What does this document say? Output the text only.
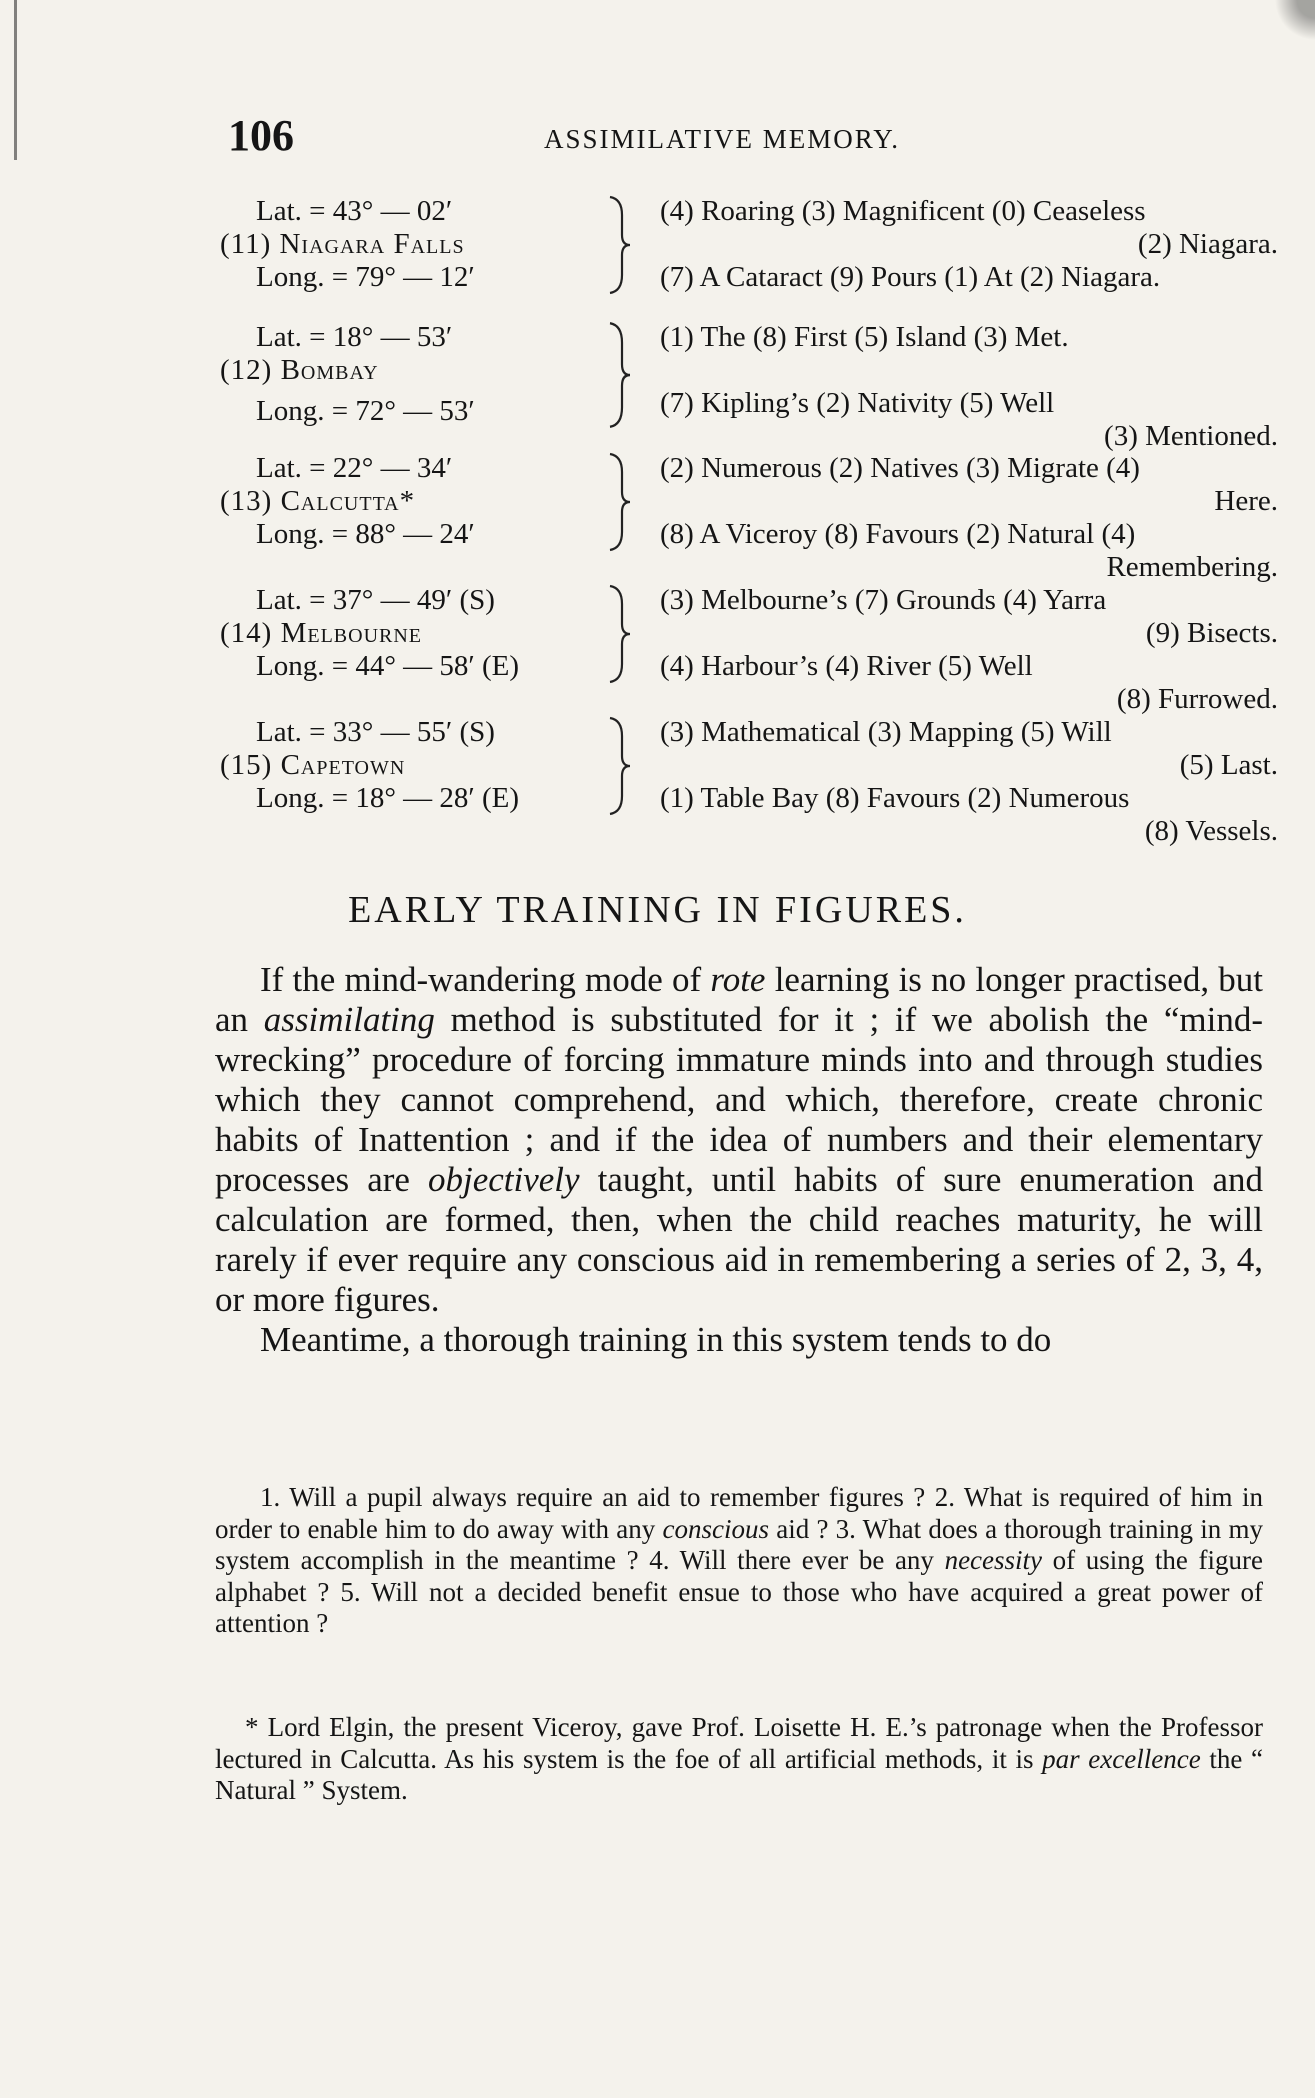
106	ASSIMILATIVE MEMORY.
Lat. = 43° — 02′
(11) Niagara Falls
Long. = 79° — 12′
(4) Roaring (3) Magnificent (0) Ceaseless
(2) Niagara.
(7) A Cataract (9) Pours (1) At (2) Niagara.
Lat. = 18° — 53′
(12) Bombay
Long. = 72° — 53′
(1) The (8) First (5) Island (3) Met.
(7) Kipling’s (2) Nativity (5) Well
(3) Mentioned.
Lat. = 22° — 34′
(13) Calcutta*
Long. = 88° — 24′
(2) Numerous (2) Natives (3) Migrate (4)
Here.
(8) A Viceroy (8) Favours (2) Natural (4)
Remembering.
Lat. = 37° — 49′ (S)
(14) Melbourne
Long. = 44° — 58′ (E)
(3) Melbourne’s (7) Grounds (4) Yarra
(9) Bisects.
(4) Harbour’s (4) River (5) Well
(8) Furrowed.
Lat. = 33° — 55′ (S)
(15) Capetown
Long. = 18° — 28′ (E)
(3) Mathematical (3) Mapping (5) Will
(5) Last.
(1) Table Bay (8) Favours (2) Numerous
(8) Vessels.
EARLY TRAINING IN FIGURES.

If the mind-wandering mode of rote learning is no longer practised, but an assimilating method is substituted for it ; if we abolish the “mind-wrecking” procedure of forcing immature minds into and through studies which they cannot comprehend, and which, therefore, create chronic habits of Inattention ; and if the idea of numbers and their elementary processes are objectively taught, until habits of sure enumeration and calculation are formed, then, when the child reaches maturity, he will rarely if ever require any conscious aid in remembering a series of 2, 3, 4, or more figures.

Meantime, a thorough training in this system tends to do

1. Will a pupil always require an aid to remember figures ? 2. What is required of him in order to enable him to do away with any conscious aid ? 3. What does a thorough training in my system accomplish in the meantime ? 4. Will there ever be any necessity of using the figure alphabet ? 5. Will not a decided benefit ensue to those who have acquired a great power of attention ?

* Lord Elgin, the present Viceroy, gave Prof. Loisette H. E.’s patronage when the Professor lectured in Calcutta. As his system is the foe of all artificial methods, it is par excellence the “ Natural ” System.
